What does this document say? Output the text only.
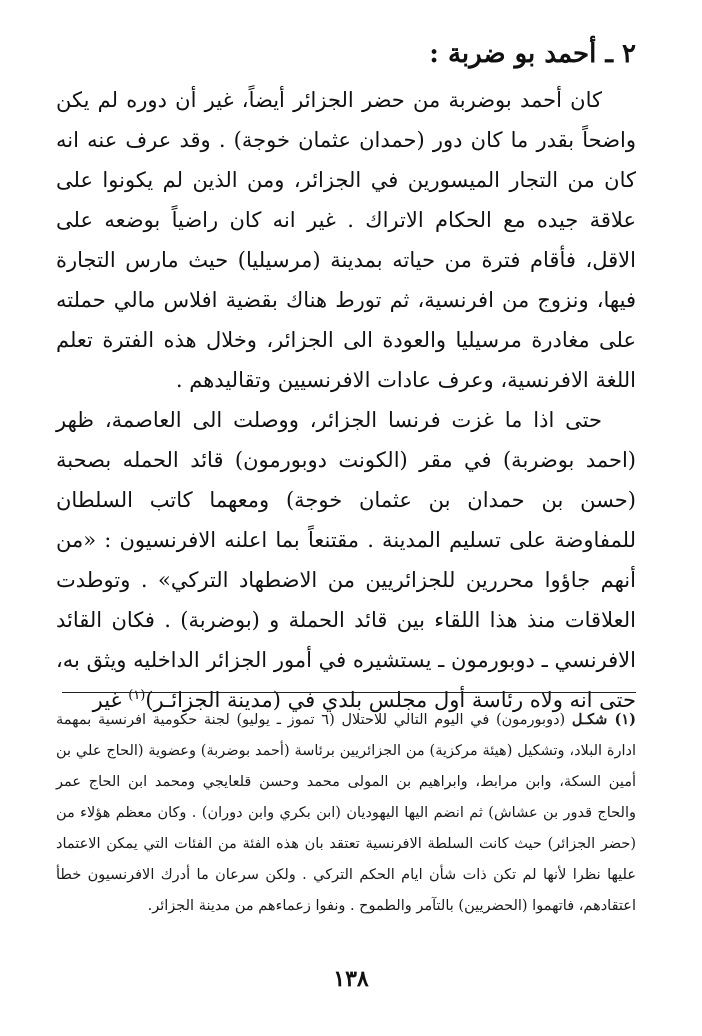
٢ ـ أحمد بو ضربة :

كان أحمد بوضربة من حضر الجزائر أيضاً، غير أن دوره لم يكن واضحاً بقدر ما كان دور (حمدان عثمان خوجة) . وقد عرف عنه انه كان من التجار الميسورين في الجزائر، ومن الذين لم يكونوا على علاقة جيده مع الحكام الاتراك . غير انه كان راضياً بوضعه على الاقل، فأقام فترة من حياته بمدينة (مرسيليا) حيث مارس التجارة فيها، ونزوج من افرنسية، ثم تورط هناك بقضية افلاس مالي حملته على مغادرة مرسيليا والعودة الى الجزائر، وخلال هذه الفترة تعلم اللغة الافرنسية، وعرف عادات الافرنسيين وتقاليدهم .

حتى اذا ما غزت فرنسا الجزائر، ووصلت الى العاصمة، ظهر (احمد بوضربة) في مقر (الكونت دوبورمون) قائد الحمله بصحبة (حسن بن حمدان بن عثمان خوجة) ومعهما كاتب السلطان للمفاوضة على تسليم المدينة . مقتنعاً بما اعلنه الافرنسيون : «من أنهم جاؤوا محررين للجزائريين من الاضطهاد التركي» . وتوطدت العلاقات منذ هذا اللقاء بين قائد الحملة و (بوضربة) . فكان القائد الافرنسي ـ دوبورمون ـ يستشيره في أمور الجزائر الداخليه ويثق به، حتى انه ولاه رئاسة أول مجلس بلدي في (مدينة الجزائـر)$^{(١)}$ غير

(١) شكـل (دوبورمون) في اليوم التالي للاحتلال (٦ تموز ـ يوليو) لجنة حكومية افرنسية بمهمة ادارة البلاد، وتشكيل (هيئة مركزية) من الجزائريين برئاسة (أحمد بوضربة) وعضوية (الحاج علي بن أمين السكة، وابن مرابط، وابراهيم بن المولى محمد وحسن قلعايجي ومحمد ابن الحاج عمر والحاج قدور بن عشاش) ثم انضم اليها اليهوديان (ابن بكري وابن دوران) . وكان معظم هؤلاء من (حضر الجزائر) حيث كانت السلطة الافرنسية تعتقد بان هذه الفئة من الفئات التي يمكن الاعتماد عليها نظرا لأنها لم تكن ذات شأن ايام الحكم التركي . ولكن سرعان ما أدرك الافرنسيون خطأ اعتقادهم، فاتهموا (الحضريين) بالتآمر والطموح . ونفوا زعماءهم من مدينة الجزائر.

١٣٨
